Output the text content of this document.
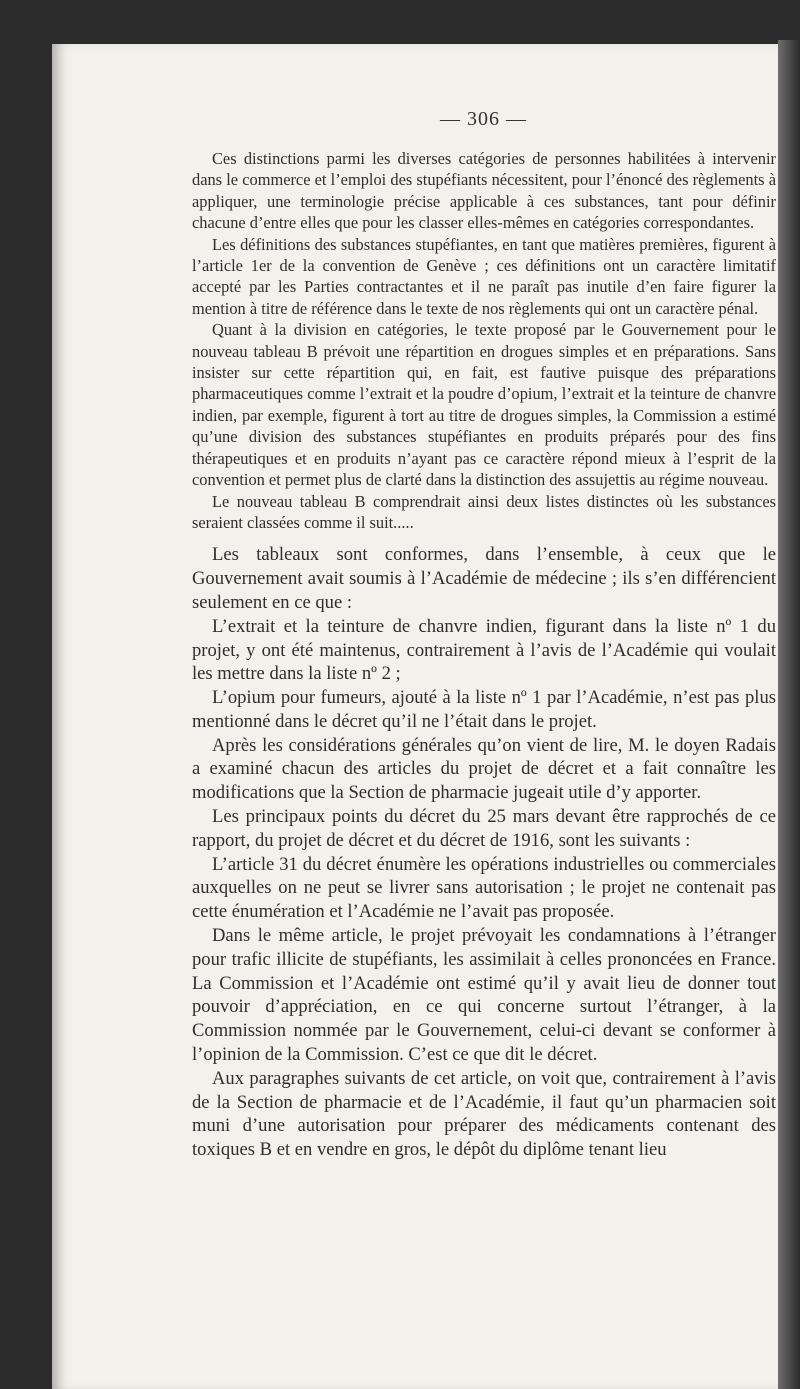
— 306 —

Ces distinctions parmi les diverses catégories de personnes habilitées à intervenir dans le commerce et l’emploi des stupéfiants nécessitent, pour l’énoncé des règlements à appliquer, une terminologie précise applicable à ces substances, tant pour définir chacune d’entre elles que pour les classer elles-mêmes en catégories correspondantes.

Les définitions des substances stupéfiantes, en tant que matières premières, figurent à l’article 1er de la convention de Genève ; ces définitions ont un caractère limitatif accepté par les Parties contractantes et il ne paraît pas inutile d’en faire figurer la mention à titre de référence dans le texte de nos règlements qui ont un caractère pénal.

Quant à la division en catégories, le texte proposé par le Gouvernement pour le nouveau tableau B prévoit une répartition en drogues simples et en préparations. Sans insister sur cette répartition qui, en fait, est fautive puisque des préparations pharmaceutiques comme l’extrait et la poudre d’opium, l’extrait et la teinture de chanvre indien, par exemple, figurent à tort au titre de drogues simples, la Commission a estimé qu’une division des substances stupéfiantes en produits préparés pour des fins thérapeutiques et en produits n’ayant pas ce caractère répond mieux à l’esprit de la convention et permet plus de clarté dans la distinction des assujettis au régime nouveau.

Le nouveau tableau B comprendrait ainsi deux listes distinctes où les substances seraient classées comme il suit.....

Les tableaux sont conformes, dans l’ensemble, à ceux que le Gouvernement avait soumis à l’Académie de médecine ; ils s’en différencient seulement en ce que :

L’extrait et la teinture de chanvre indien, figurant dans la liste nº 1 du projet, y ont été maintenus, contrairement à l’avis de l’Académie qui voulait les mettre dans la liste nº 2 ;

L’opium pour fumeurs, ajouté à la liste nº 1 par l’Académie, n’est pas plus mentionné dans le décret qu’il ne l’était dans le projet.

Après les considérations générales qu’on vient de lire, M. le doyen Radais a examiné chacun des articles du projet de décret et a fait connaître les modifications que la Section de pharmacie jugeait utile d’y apporter.

Les principaux points du décret du 25 mars devant être rapprochés de ce rapport, du projet de décret et du décret de 1916, sont les suivants :

L’article 31 du décret énumère les opérations industrielles ou commerciales auxquelles on ne peut se livrer sans autorisation ; le projet ne contenait pas cette énumération et l’Académie ne l’avait pas proposée.

Dans le même article, le projet prévoyait les condamnations à l’étranger pour trafic illicite de stupéfiants, les assimilait à celles prononcées en France. La Commission et l’Académie ont estimé qu’il y avait lieu de donner tout pouvoir d’appréciation, en ce qui concerne surtout l’étranger, à la Commission nommée par le Gouvernement, celui-ci devant se conformer à l’opinion de la Commission. C’est ce que dit le décret.

Aux paragraphes suivants de cet article, on voit que, contrairement à l’avis de la Section de pharmacie et de l’Académie, il faut qu’un pharmacien soit muni d’une autorisation pour préparer des médicaments contenant des toxiques B et en vendre en gros, le dépôt du diplôme tenant lieu
